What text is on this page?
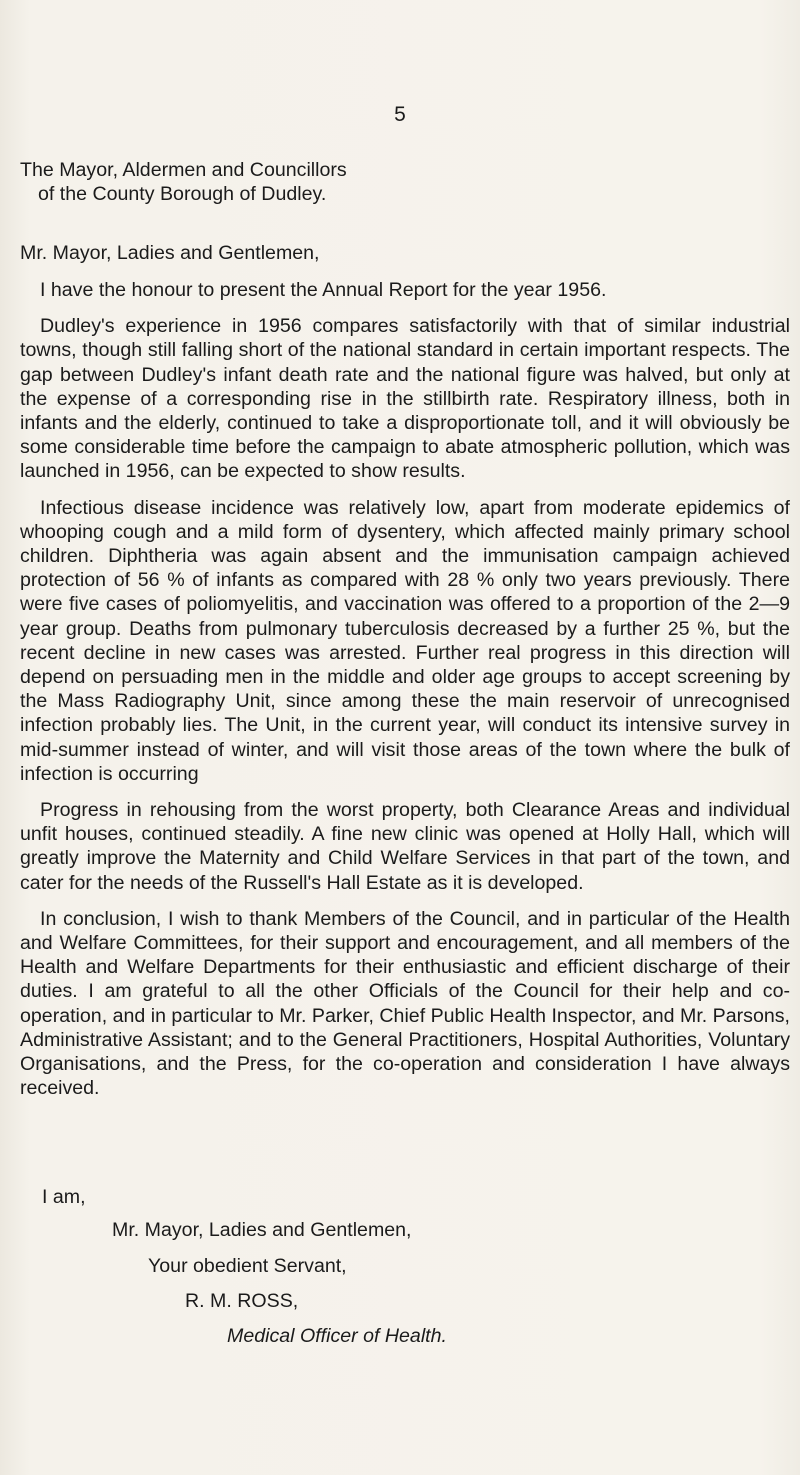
5
The Mayor, Aldermen and Councillors
of the County Borough of Dudley.
Mr. Mayor, Ladies and Gentlemen,

I have the honour to present the Annual Report for the year 1956.

Dudley's experience in 1956 compares satisfactorily with that of similar industrial towns, though still falling short of the national standard in certain important respects. The gap between Dudley's infant death rate and the national figure was halved, but only at the expense of a corresponding rise in the stillbirth rate. Respiratory illness, both in infants and the elderly, continued to take a disproportionate toll, and it will obviously be some considerable time before the campaign to abate atmospheric pollution, which was launched in 1956, can be expected to show results.

Infectious disease incidence was relatively low, apart from moderate epidemics of whooping cough and a mild form of dysentery, which affected mainly primary school children. Diphtheria was again absent and the immunisation campaign achieved protection of 56 % of infants as compared with 28 % only two years previously. There were five cases of poliomyelitis, and vaccination was offered to a proportion of the 2—9 year group. Deaths from pulmonary tuberculosis decreased by a further 25 %, but the recent decline in new cases was arrested. Further real progress in this direction will depend on persuading men in the middle and older age groups to accept screening by the Mass Radiography Unit, since among these the main reservoir of unrecognised infection probably lies. The Unit, in the current year, will conduct its intensive survey in mid-summer instead of winter, and will visit those areas of the town where the bulk of infection is occurring

Progress in rehousing from the worst property, both Clearance Areas and individual unfit houses, continued steadily. A fine new clinic was opened at Holly Hall, which will greatly improve the Maternity and Child Welfare Services in that part of the town, and cater for the needs of the Russell's Hall Estate as it is developed.

In conclusion, I wish to thank Members of the Council, and in particular of the Health and Welfare Committees, for their support and encouragement, and all members of the Health and Welfare Departments for their enthusiastic and efficient discharge of their duties. I am grateful to all the other Officials of the Council for their help and co-operation, and in particular to Mr. Parker, Chief Public Health Inspector, and Mr. Parsons, Administrative Assistant; and to the General Practitioners, Hospital Authorities, Voluntary Organisations, and the Press, for the co-operation and consideration I have always received.

I am,
Mr. Mayor, Ladies and Gentlemen,
Your obedient Servant,
R. M. ROSS,
Medical Officer of Health.
